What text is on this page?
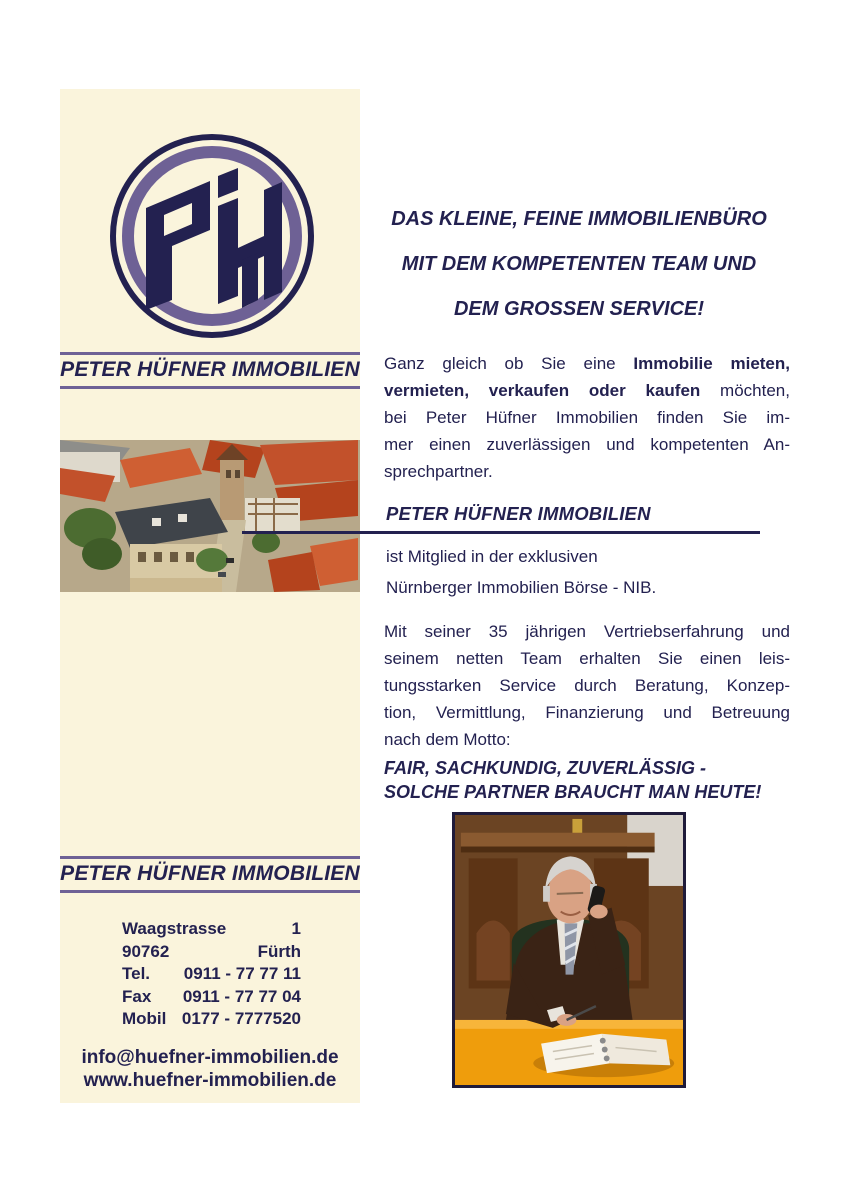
PETER HÜFNER IMMOBILIEN
PETER HÜFNER IMMOBILIEN
Waagstrasse	1
90762	Fürth
Tel. 0911 - 77 77 11
Fax 0911 - 77 77 04
Mobil 0177 - 7777520
info@huefner-immobilien.de
www.huefner-immobilien.de
DAS KLEINE, FEINE IMMOBILIENBÜRO
MIT DEM KOMPETENTEN TEAM UND
DEM GROSSEN SERVICE!
Ganz gleich ob Sie eine Immobilie mieten,
vermieten, verkaufen oder kaufen möchten,
bei Peter Hüfner Immobilien finden Sie im-
mer einen zuverlässigen und kompetenten An-
sprechpartner.
PETER HÜFNER IMMOBILIEN
ist Mitglied in der exklusiven
Nürnberger Immobilien Börse - NIB.
Mit seiner 35 jährigen Vertriebserfahrung und
seinem netten Team erhalten Sie einen leis-
tungsstarken Service durch Beratung, Konzep-
tion, Vermittlung, Finanzierung und Betreuung
nach dem Motto:
FAIR, SACHKUNDIG, ZUVERLÄSSIG -
SOLCHE PARTNER BRAUCHT MAN HEUTE!
